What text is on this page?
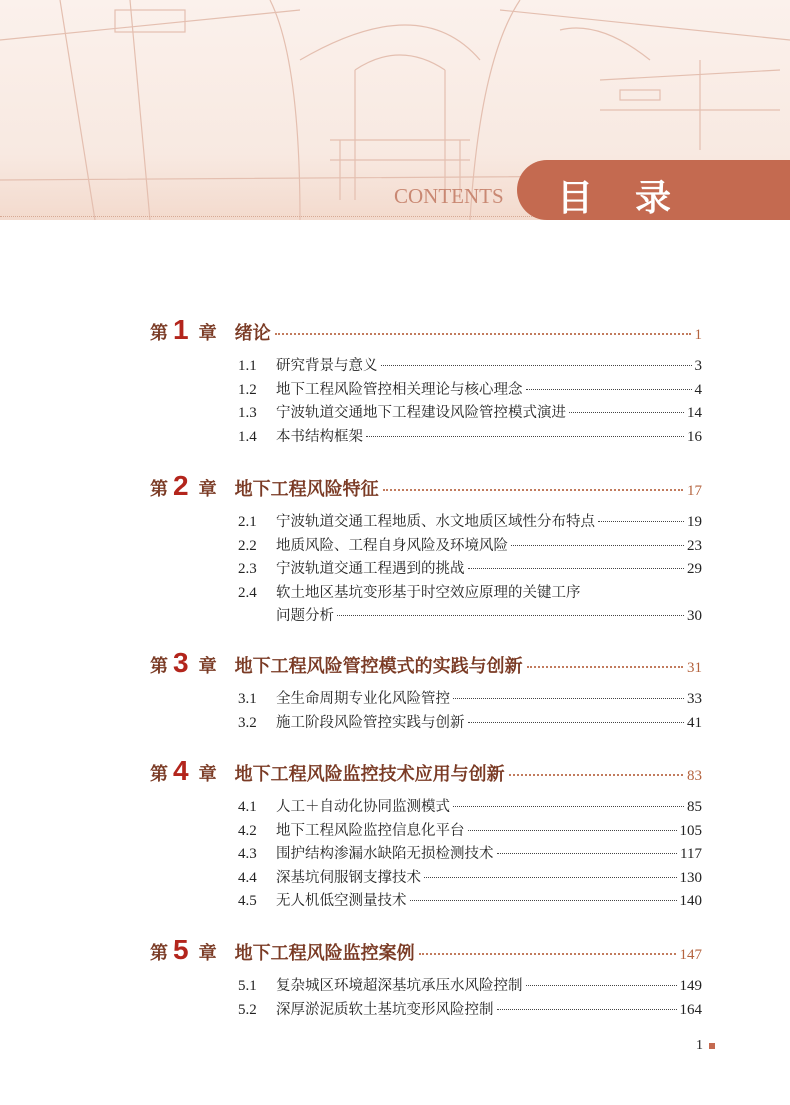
CONTENTS 目 录
第 1 章 绪论	1
1.1	研究背景与意义	3
1.2	地下工程风险管控相关理论与核心理念	4
1.3	宁波轨道交通地下工程建设风险管控模式演进	14
1.4	本书结构框架	16
第 2 章 地下工程风险特征	17
2.1	宁波轨道交通工程地质、水文地质区域性分布特点	19
2.2	地质风险、工程自身风险及环境风险	23
2.3	宁波轨道交通工程遇到的挑战	29
2.4	软土地区基坑变形基于时空效应原理的关键工序
问题分析	30
第 3 章 地下工程风险管控模式的实践与创新	31
3.1	全生命周期专业化风险管控	33
3.2	施工阶段风险管控实践与创新	41
第 4 章 地下工程风险监控技术应用与创新	83
4.1	人工＋自动化协同监测模式	85
4.2	地下工程风险监控信息化平台	105
4.3	围护结构渗漏水缺陷无损检测技术	117
4.4	深基坑伺服钢支撑技术	130
4.5	无人机低空测量技术	140
第 5 章 地下工程风险监控案例	147
5.1	复杂城区环境超深基坑承压水风险控制	149
5.2	深厚淤泥质软土基坑变形风险控制	164
1
